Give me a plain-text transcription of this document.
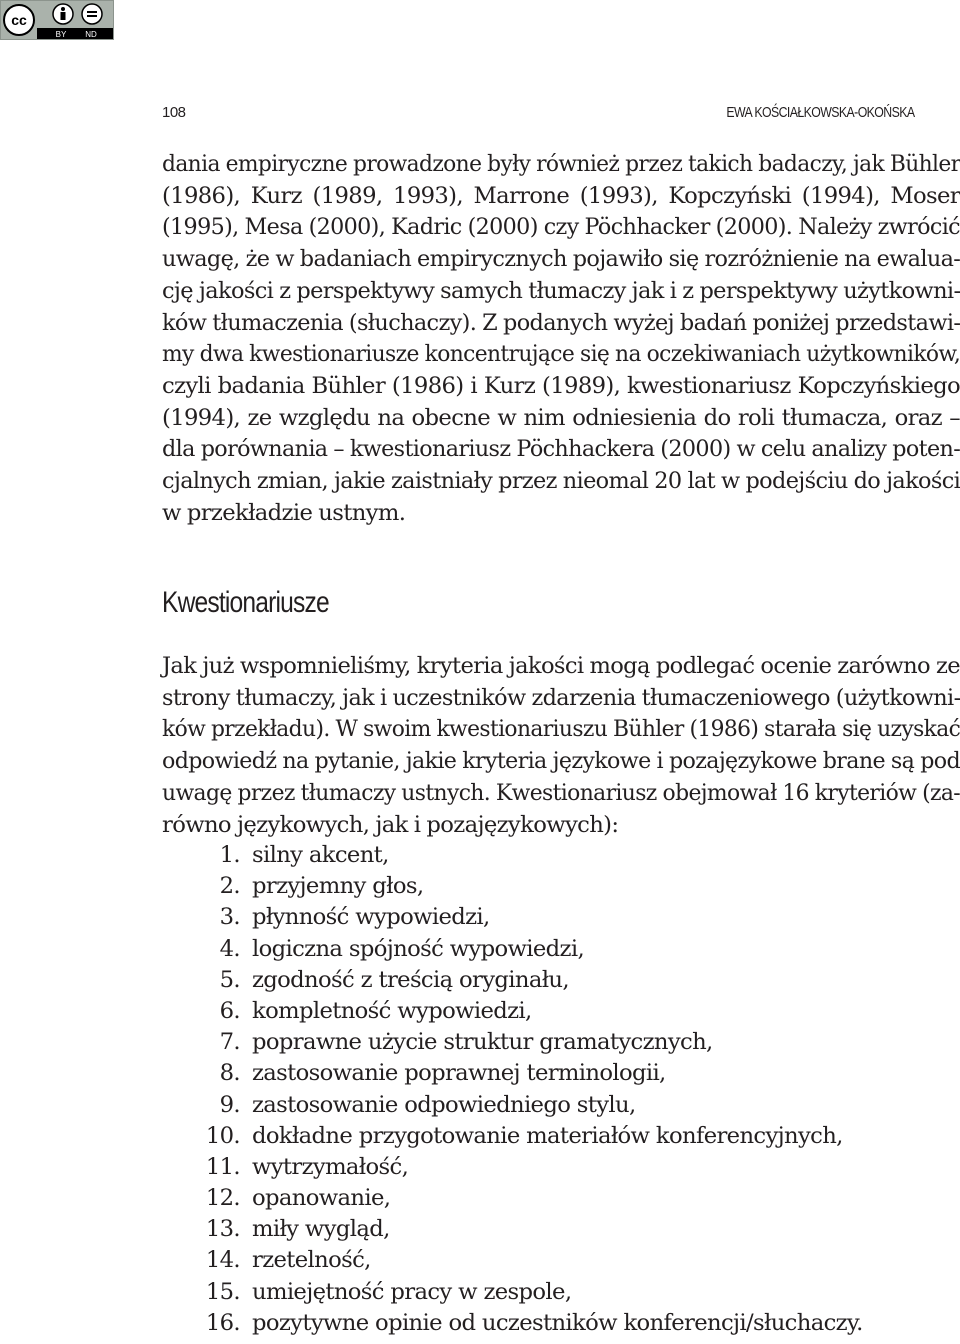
cc
BY ND
108	EWA KOŚCIAŁKOWSKA-OKOŃSKA

dania empiryczne prowadzone były również przez takich badaczy, jak Bühler
(1986), Kurz (1989, 1993), Marrone (1993), Kopczyński (1994), Moser
(1995), Mesa (2000), Kadric (2000) czy Pöchhacker (2000). Należy zwrócić
uwagę, że w badaniach empirycznych pojawiło się rozróżnienie na ewalua-
cję jakości z perspektywy samych tłumaczy jak i z perspektywy użytkowni-
ków tłumaczenia (słuchaczy). Z podanych wyżej badań poniżej przedstawi-
my dwa kwestionariusze koncentrujące się na oczekiwaniach użytkowników,
czyli badania Bühler (1986) i Kurz (1989), kwestionariusz Kopczyńskiego
(1994), ze względu na obecne w nim odniesienia do roli tłumacza, oraz –
dla porównania – kwestionariusz Pöchhackera (2000) w celu analizy poten-
cjalnych zmian, jakie zaistniały przez nieomal 20 lat w podejściu do jakości
w przekładzie ustnym.

Kwestionariusze

Jak już wspomnieliśmy, kryteria jakości mogą podlegać ocenie zarówno ze
strony tłumaczy, jak i uczestników zdarzenia tłumaczeniowego (użytkowni-
ków przekładu). W swoim kwestionariuszu Bühler (1986) starała się uzyskać
odpowiedź na pytanie, jakie kryteria językowe i pozajęzykowe brane są pod
uwagę przez tłumaczy ustnych. Kwestionariusz obejmował 16 kryteriów (za-
równo językowych, jak i pozajęzykowych):

1. silny akcent,
2. przyjemny głos,
3. płynność wypowiedzi,
4. logiczna spójność wypowiedzi,
5. zgodność z treścią oryginału,
6. kompletność wypowiedzi,
7. poprawne użycie struktur gramatycznych,
8. zastosowanie poprawnej terminologii,
9. zastosowanie odpowiedniego stylu,
10. dokładne przygotowanie materiałów konferencyjnych,
11. wytrzymałość,
12. opanowanie,
13. miły wygląd,
14. rzetelność,
15. umiejętność pracy w zespole,
16. pozytywne opinie od uczestników konferencji/słuchaczy.
